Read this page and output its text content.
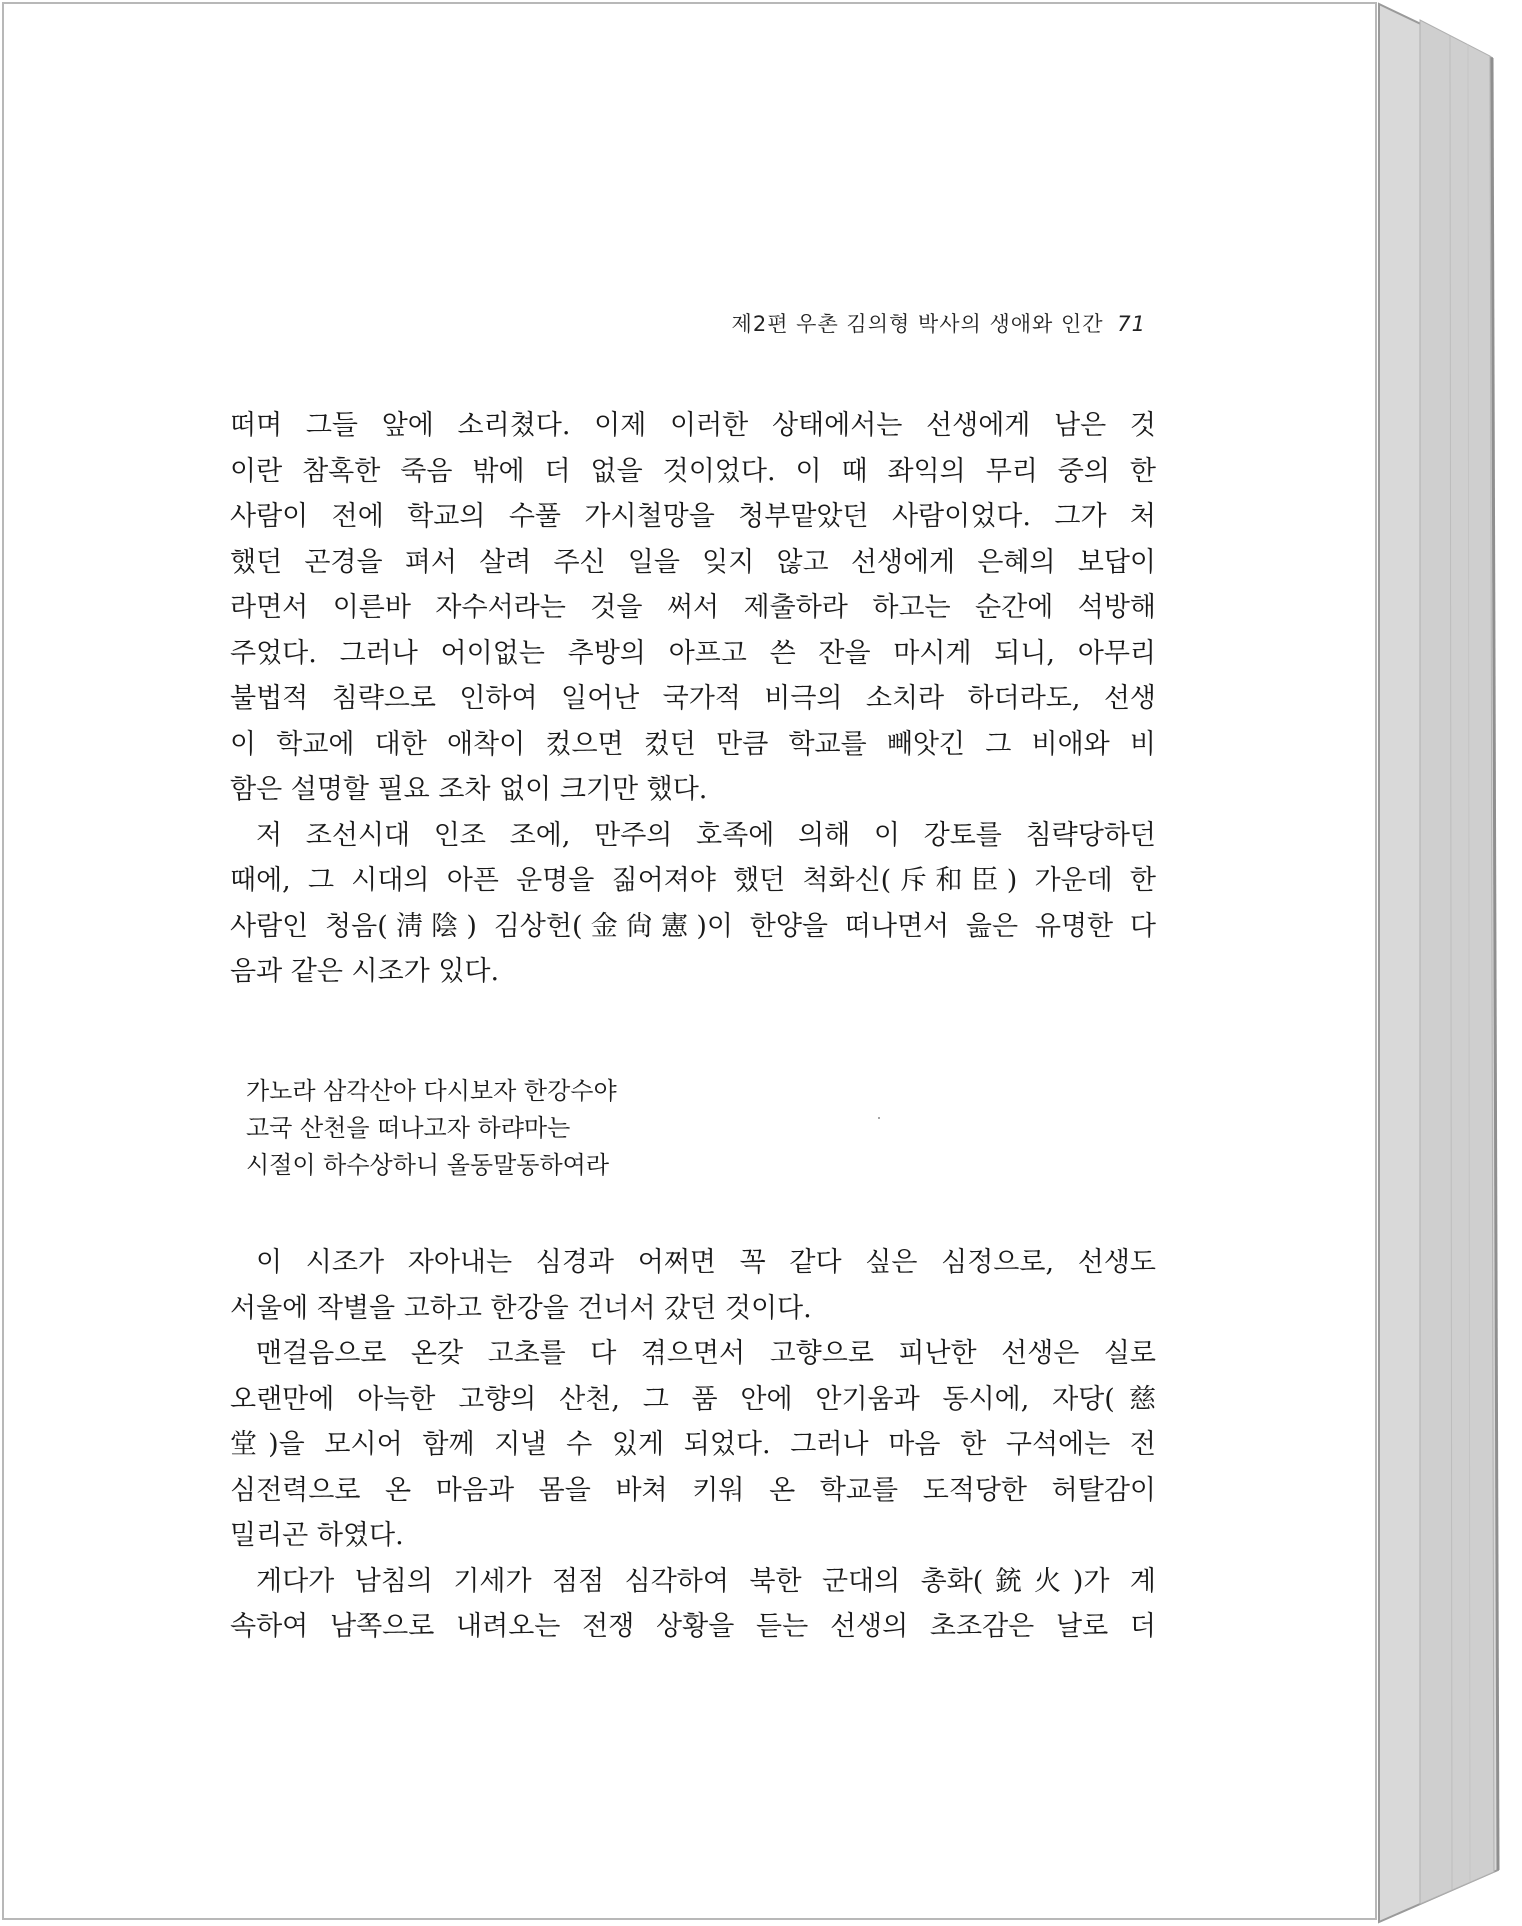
제2편 우촌 김의형 박사의 생애와 인간 71
떠며 그들 앞에 소리쳤다. 이제 이러한 상태에서는 선생에게 남은 것
이란 참혹한 죽음 밖에 더 없을 것이었다. 이 때 좌익의 무리 중의 한
사람이 전에 학교의 수풀 가시철망을 청부맡았던 사람이었다. 그가 처
했던 곤경을 펴서 살려 주신 일을 잊지 않고 선생에게 은혜의 보답이
라면서 이른바 자수서라는 것을 써서 제출하라 하고는 순간에 석방해
주었다. 그러나 어이없는 추방의 아프고 쓴 잔을 마시게 되니, 아무리
불법적 침략으로 인하여 일어난 국가적 비극의 소치라 하더라도, 선생
이 학교에 대한 애착이 컸으면 컸던 만큼 학교를 빼앗긴 그 비애와 비
함은 설명할 필요 조차 없이 크기만 했다.
저 조선시대 인조 조에, 만주의 호족에 의해 이 강토를 침략당하던
때에, 그 시대의 아픈 운명을 짊어져야 했던 척화신(斥和臣) 가운데 한
사람인 청음(淸陰) 김상헌(金尙憲)이 한양을 떠나면서 읊은 유명한 다
음과 같은 시조가 있다.
가노라 삼각산아 다시보자 한강수야
고국 산천을 떠나고자 하랴마는
시절이 하수상하니 올동말동하여라
이 시조가 자아내는 심경과 어쩌면 꼭 같다 싶은 심정으로, 선생도
서울에 작별을 고하고 한강을 건너서 갔던 것이다.
맨걸음으로 온갖 고초를 다 겪으면서 고향으로 피난한 선생은 실로
오랜만에 아늑한 고향의 산천, 그 품 안에 안기움과 동시에, 자당(慈
堂)을 모시어 함께 지낼 수 있게 되었다. 그러나 마음 한 구석에는 전
심전력으로 온 마음과 몸을 바쳐 키워 온 학교를 도적당한 허탈감이
밀리곤 하였다.
게다가 남침의 기세가 점점 심각하여 북한 군대의 총화(銃火)가 계
속하여 남쪽으로 내려오는 전쟁 상황을 듣는 선생의 초조감은 날로 더
